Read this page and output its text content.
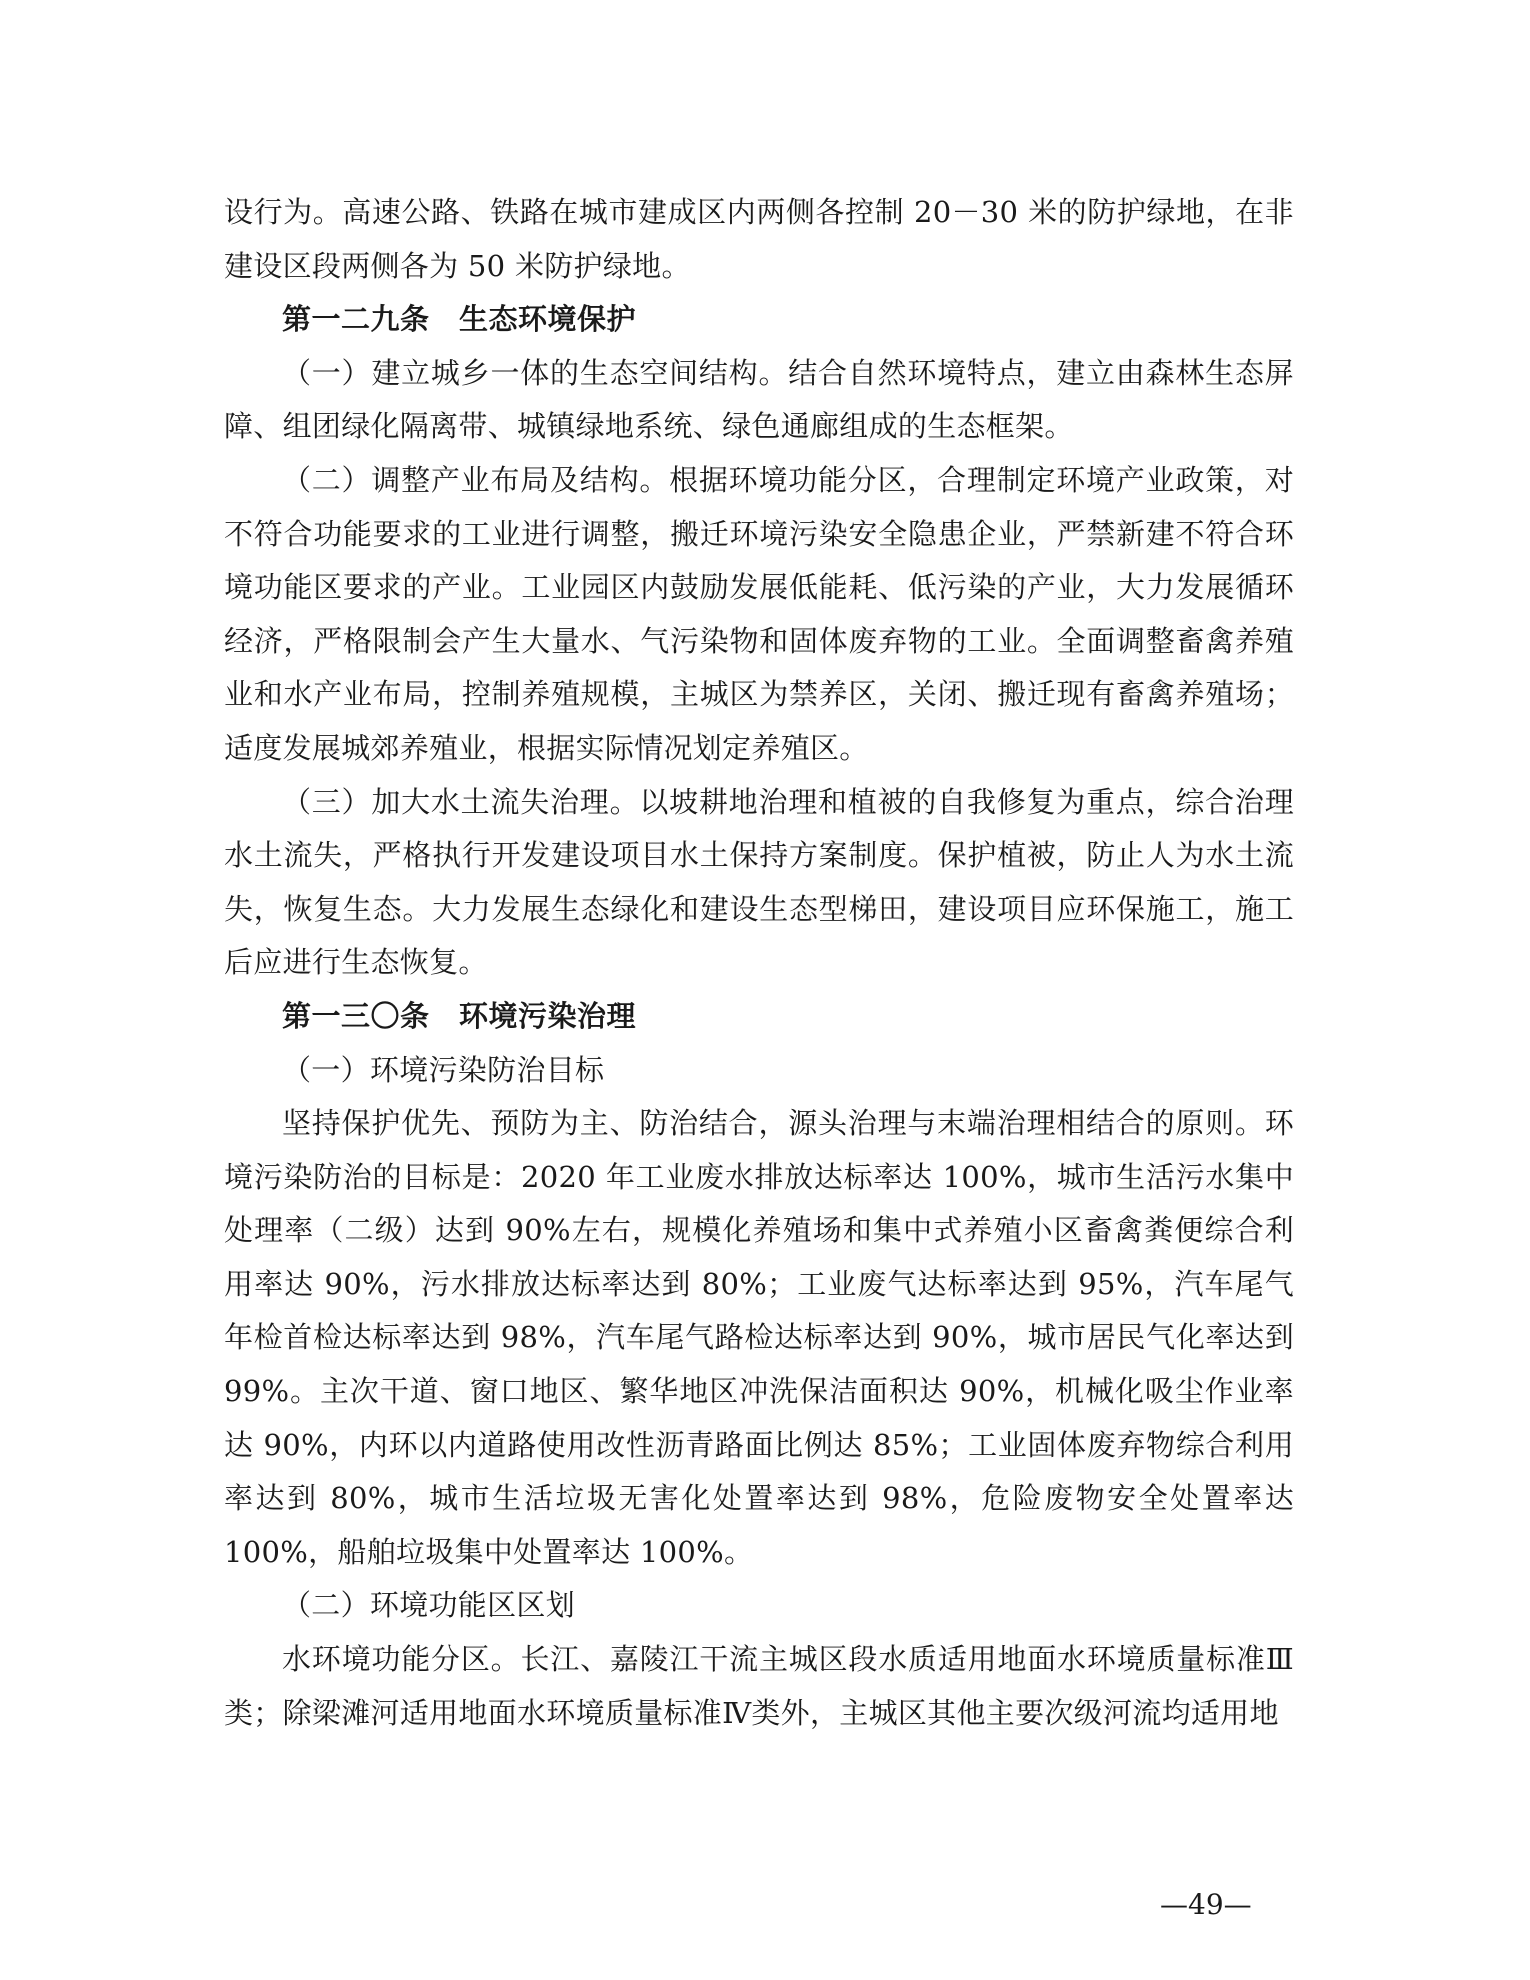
设行为。高速公路、铁路在城市建成区内两侧各控制 20－30 米的防护绿地，在非建设区段两侧各为 50 米防护绿地。

第一二九条　生态环境保护

（一）建立城乡一体的生态空间结构。结合自然环境特点，建立由森林生态屏障、组团绿化隔离带、城镇绿地系统、绿色通廊组成的生态框架。

（二）调整产业布局及结构。根据环境功能分区，合理制定环境产业政策，对不符合功能要求的工业进行调整，搬迁环境污染安全隐患企业，严禁新建不符合环境功能区要求的产业。工业园区内鼓励发展低能耗、低污染的产业，大力发展循环经济，严格限制会产生大量水、气污染物和固体废弃物的工业。全面调整畜禽养殖业和水产业布局，控制养殖规模，主城区为禁养区，关闭、搬迁现有畜禽养殖场；适度发展城郊养殖业，根据实际情况划定养殖区。

（三）加大水土流失治理。以坡耕地治理和植被的自我修复为重点，综合治理水土流失，严格执行开发建设项目水土保持方案制度。保护植被，防止人为水土流失，恢复生态。大力发展生态绿化和建设生态型梯田，建设项目应环保施工，施工后应进行生态恢复。

第一三〇条　环境污染治理

（一）环境污染防治目标

坚持保护优先、预防为主、防治结合，源头治理与末端治理相结合的原则。环境污染防治的目标是：2020 年工业废水排放达标率达 100%，城市生活污水集中处理率（二级）达到 90%左右，规模化养殖场和集中式养殖小区畜禽粪便综合利用率达 90%，污水排放达标率达到 80%；工业废气达标率达到 95%，汽车尾气年检首检达标率达到 98%，汽车尾气路检达标率达到 90%，城市居民气化率达到 99%。主次干道、窗口地区、繁华地区冲洗保洁面积达 90%，机械化吸尘作业率达 90%，内环以内道路使用改性沥青路面比例达 85%；工业固体废弃物综合利用率达到 80%，城市生活垃圾无害化处置率达到 98%，危险废物安全处置率达 100%，船舶垃圾集中处置率达 100%。

（二）环境功能区区划

水环境功能分区。长江、嘉陵江干流主城区段水质适用地面水环境质量标准Ⅲ类；除梁滩河适用地面水环境质量标准Ⅳ类外，主城区其他主要次级河流均适用地

—49—
